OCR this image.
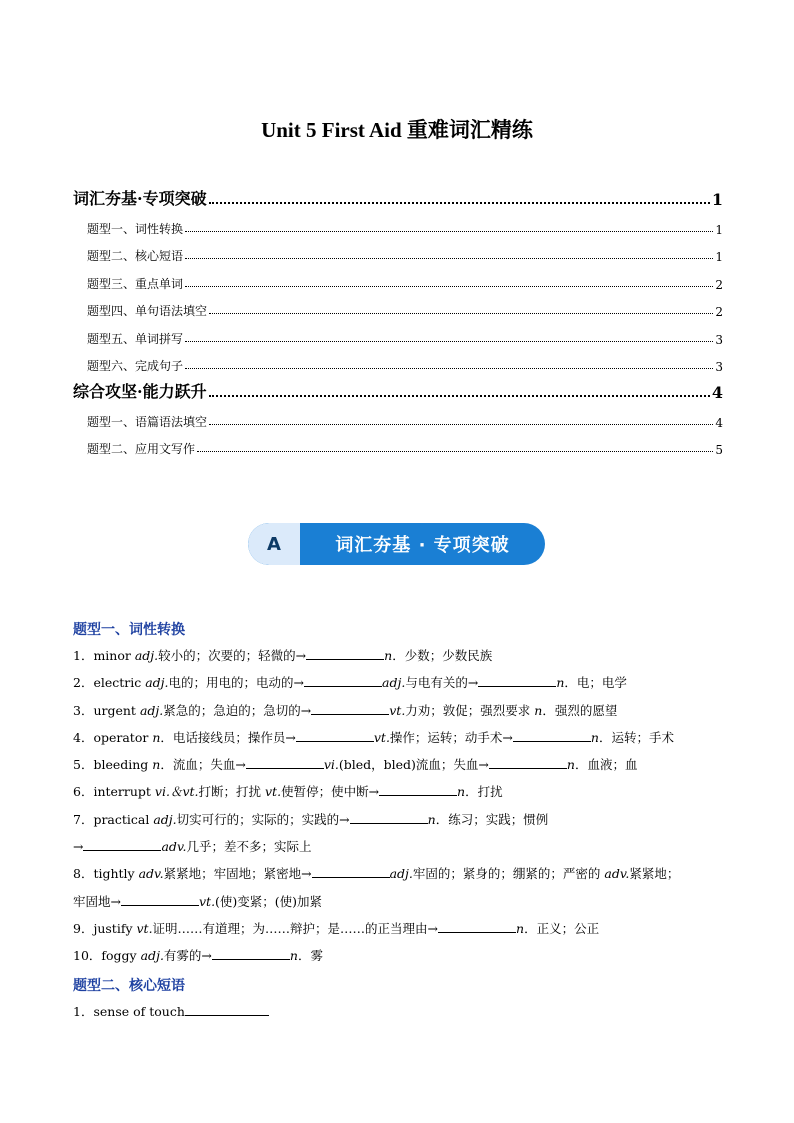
Unit 5 First Aid 重难词汇精练
词汇夯基·专项突破	1
题型一、词性转换	1
题型二、核心短语	1
题型三、重点单词	2
题型四、单句语法填空	2
题型五、单词拼写	3
题型六、完成句子	3
综合攻坚·能力跃升	4
题型一、语篇语法填空	4
题型二、应用文写作	5
A	词汇夯基 · 专项突破
题型一、词性转换
1．minor adj.较小的；次要的；轻微的→	n．少数；少数民族
2．electric adj.电的；用电的；电动的→	adj.与电有关的→	n．电；电学
3．urgent adj.紧急的；急迫的；急切的→	vt.力劝；敦促；强烈要求 n．强烈的愿望
4．operator n．电话接线员；操作员→	vt.操作；运转；动手术→	n．运转；手术
5．bleeding n．流血；失血→	vi.(bled，bled)流血；失血→	n．血液；血
6．interrupt vi.＆vt.打断；打扰 vt.使暂停；使中断→	n．打扰
7．practical adj.切实可行的；实际的；实践的→	n．练习；实践；惯例
→	adv.几乎；差不多；实际上
8．tightly adv.紧紧地；牢固地；紧密地→	adj.牢固的；紧身的；绷紧的；严密的 adv.紧紧地；
牢固地→	vt.(使)变紧；(使)加紧
9．justify vt.证明……有道理；为……辩护；是……的正当理由→	n．正义；公正
10．foggy adj.有雾的→	n．雾
题型二、核心短语
1．sense of touch
